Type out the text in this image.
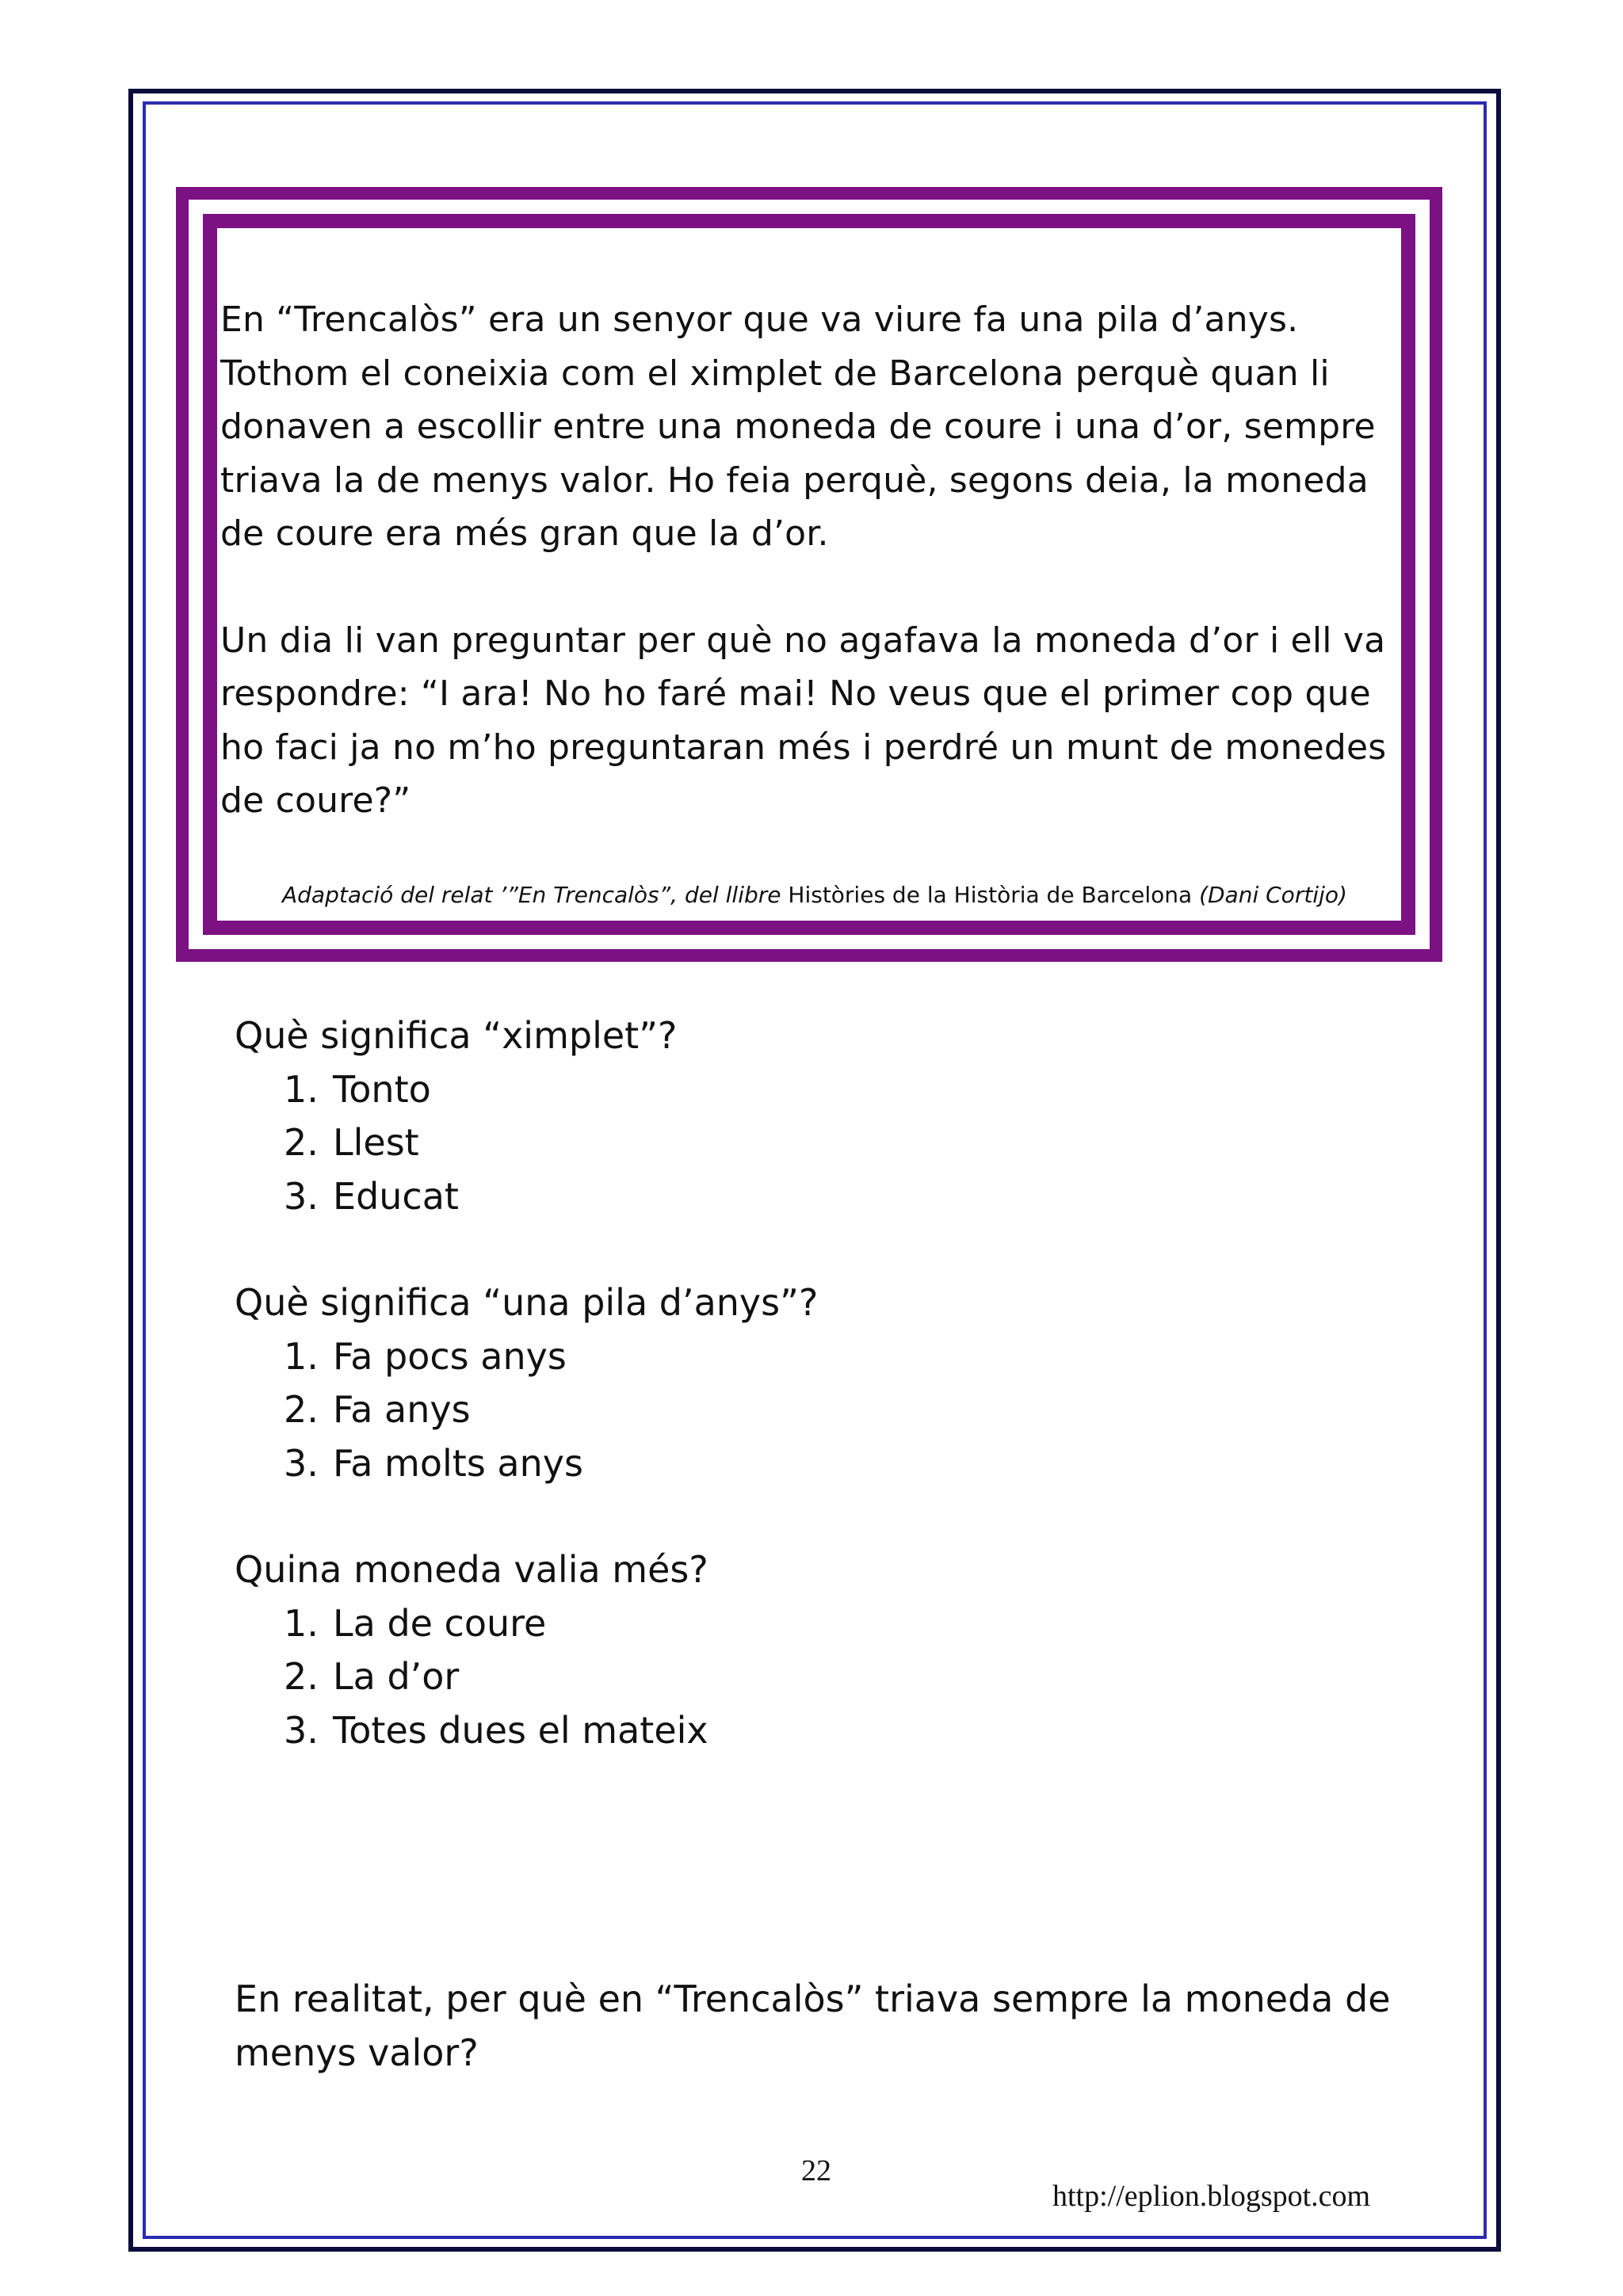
En “Trencalòs” era un senyor que va viure fa una pila d’anys. Tothom el coneixia com el ximplet de Barcelona perquè quan li donaven a escollir entre una moneda de coure i una d’or, sempre triava la de menys valor. Ho feia perquè, segons deia, la moneda de coure era més gran que la d’or.

Un dia li van preguntar per què no agafava la moneda d’or i ell va respondre: “I ara! No ho faré mai! No veus que el primer cop que ho faci ja no m’ho preguntaran més i perdré un munt de monedes de coure?”

Adaptació del relat ’”En Trencalòs”, del llibre Històries de la Història de Barcelona (Dani Cortijo)

Què significa “ximplet”?

1. Tonto
2. Llest
3. Educat

Què significa “una pila d’anys”?

1. Fa pocs anys
2. Fa anys
3. Fa molts anys

Quina moneda valia més?

1. La de coure
2. La d’or
3. Totes dues el mateix

En realitat, per què en “Trencalòs” triava sempre la moneda de menys valor?

22
http://eplion.blogspot.com
